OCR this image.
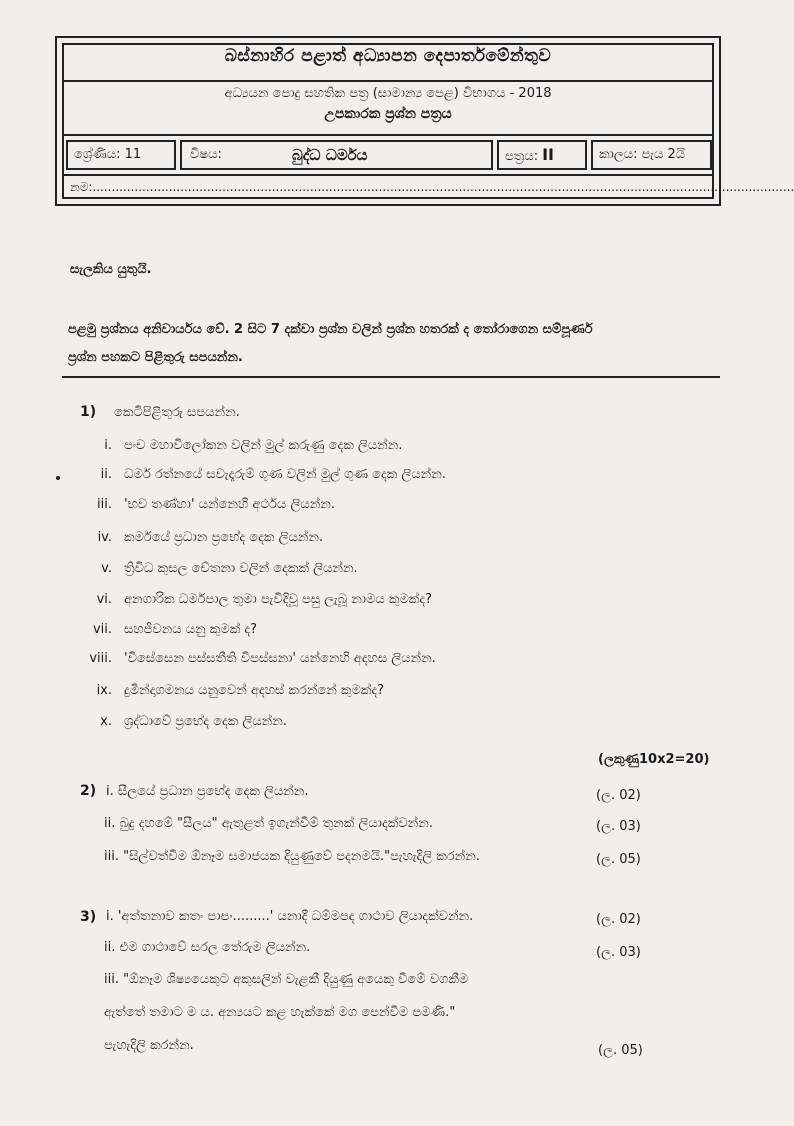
බස්නාහිර පළාත් අධ්‍යාපන දෙපාර්තමේන්තුව
අධ්‍යයන පොදු සහතික පත්‍ර (සාමාන්‍ය පෙළ) විභාගය - 2018
උපකාරක ප්‍රශ්න පත්‍රය
ශ්‍රේණිය: 11	විෂය:	බුද්ධ ධර්මය	පත්‍රය: II	කාලය: පැය 2යි
නම:........................................................................................................................................................................................
සැලකිය යුතුයි.
පළමු ප්‍රශ්නය අනිවාර්යය වේ. 2 සිට 7 දක්වා ප්‍රශ්න වලින් ප්‍රශ්න හතරක් ද තෝරාගෙන සම්පූර්ණ
ප්‍රශ්න පහකට පිළිතුරු සපයන්න.
1) කෙටිපිළිතුරු සපයන්න.
i. පංච මහාවිලෝකන වලින් මුල් කරුණු දෙක ලියන්න.
ii. ධර්ම රත්නයේ සවැදෑරුම් ගුණ වලින් මුල් ගුණ දෙක ලියන්න.
iii. 'භව තණ්හා' යන්නෙහි අර්ථය ලියන්න.
iv. කර්මයේ ප්‍රධාන ප්‍රභේද දෙක ලියන්න.
v. ත්‍රිවිධ කුසල චේතනා වලින් දෙකක් ලියන්න.
vi. අනගාරික ධර්මපාල තුමා පැවිදිවූ පසු ලැබූ නාමය කුමක්ද?
vii. සහජීවනය යනු කුමක් ද?
viii. 'විසේසෙන පස්සතීති විපස්සනා' යන්නෙහි අදහස ලියන්න.
ix. දුමින්දාගමනය යනුවෙන් අදහස් කරන්නේ කුමක්ද?
x. ශ්‍රද්ධාවේ ප්‍රභේද දෙක ලියන්න.
(ලකුණු10x2=20)
2) i. සීලයේ ප්‍රධාන ප්‍රභේද දෙක ලියන්න.	(ල. 02)
ii. බුදු දහමේ "සීලය" ඇතුළත් ඉගැන්වීම් තුනක් ලියාදක්වන්න.	(ල. 03)
iii. "සිල්වත්වීම ඕනෑම සමාජයක දියුණුවේ පදනමයි."පැහැදිලි කරන්න.	(ල. 05)
3) i. 'අත්තනාව කතං පාපං.........' යනාදී ධම්මපද ගාථාව ලියාදක්වන්න.	(ල. 02)
ii. එම ගාථාවේ සරල තේරුම ලියන්න.	(ල. 03)
iii. "ඕනෑම ශිෂ්‍යයෙකුට අකුසලින් වැළකී දියුණු අයෙකු වීමේ වගකීම
ඇත්තේ තමාට ම ය. අන්‍යයට කළ හැක්කේ මග පෙන්වීම පමණි."
පැහැදිලි කරන්න.	(ල. 05)
